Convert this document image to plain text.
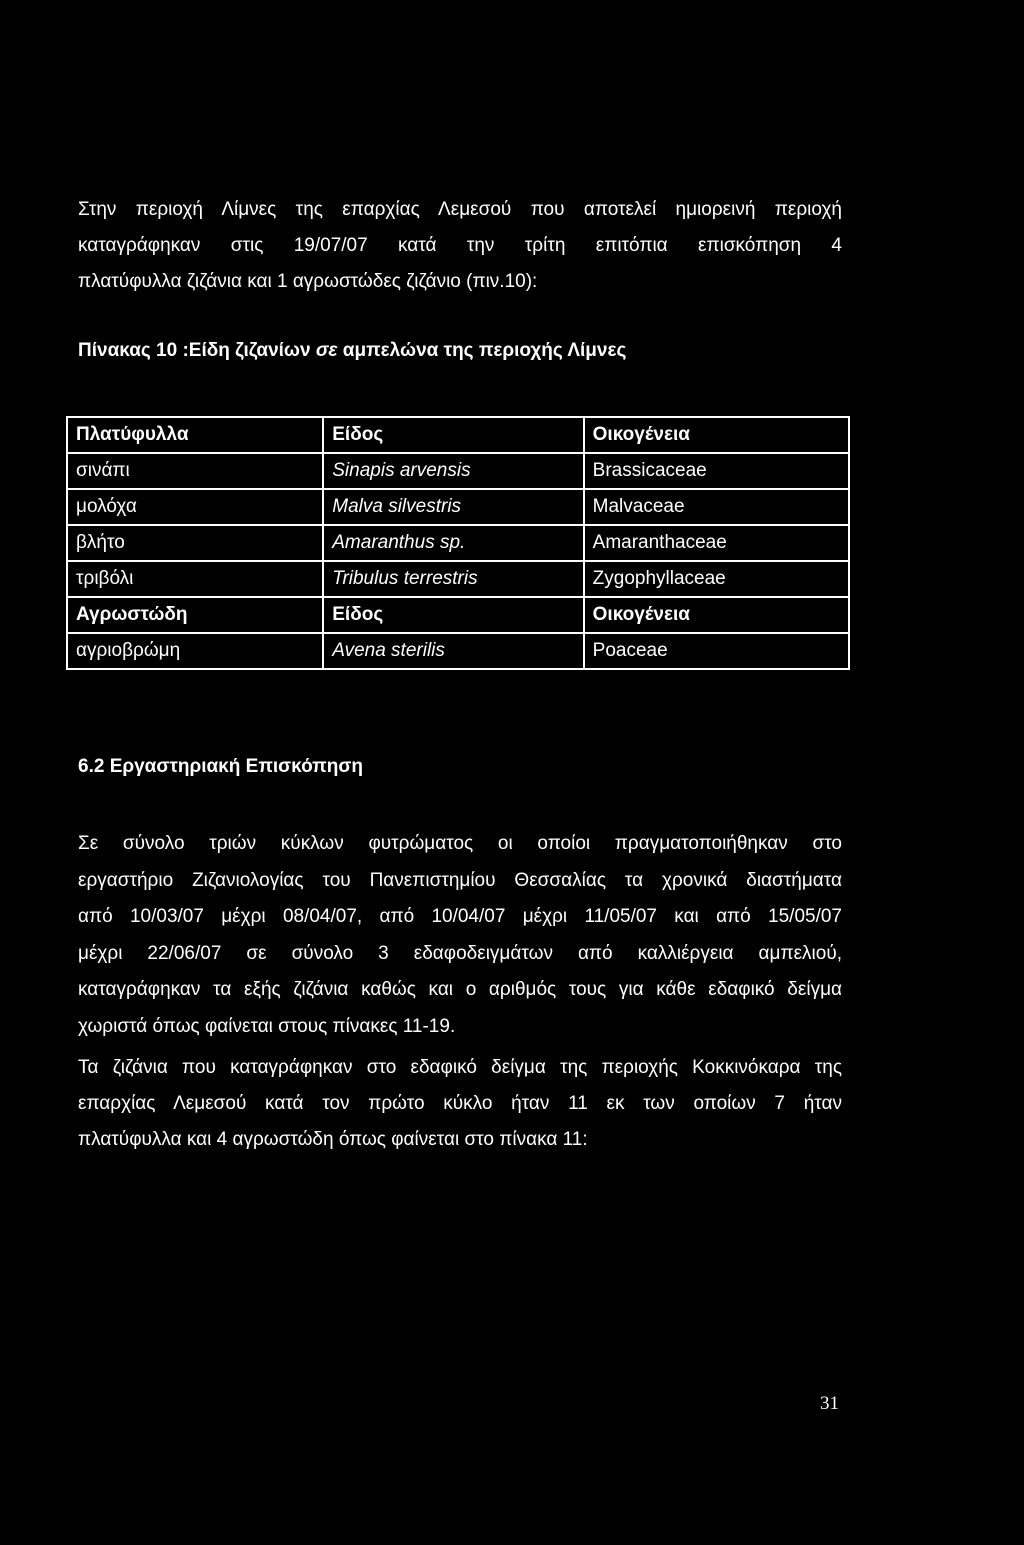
Στην περιοχή Λίμνες της επαρχίας Λεμεσού που αποτελεί ημιορεινή περιοχή
καταγράφηκαν στις 19/07/07 κατά την τρίτη επιτόπια επισκόπηση 4
πλατύφυλλα ζιζάνια και 1 αγρωστώδες ζιζάνιο (πιν.10):

Πίνακας 10 :Είδη ζιζανίων σε αμπελώνα της περιοχής Λίμνες

Πλατύφυλλα	Είδος	Οικογένεια
σινάπι	Sinapis arvensis	Brassicaceae
μολόχα	Malva silvestris	Malvaceae
βλήτο	Amaranthus sp.	Amaranthaceae
τριβόλι	Tribulus terrestris	Zygophyllaceae
Αγρωστώδη	Είδος	Οικογένεια
αγριοβρώμη	Avena sterilis	Poaceae

6.2 Εργαστηριακή Επισκόπηση

Σε σύνολο τριών κύκλων φυτρώματος οι οποίοι πραγματοποιήθηκαν στο
εργαστήριο Ζιζανιολογίας του Πανεπιστημίου Θεσσαλίας τα χρονικά διαστήματα
από 10/03/07 μέχρι 08/04/07, από 10/04/07 μέχρι 11/05/07 και από 15/05/07
μέχρι 22/06/07 σε σύνολο 3 εδαφοδειγμάτων από καλλιέργεια αμπελιού,
καταγράφηκαν τα εξής ζιζάνια καθώς και ο αριθμός τους για κάθε εδαφικό δείγμα
χωριστά όπως φαίνεται στους πίνακες 11-19.
Τα ζιζάνια που καταγράφηκαν στο εδαφικό δείγμα της περιοχής Κοκκινόκαρα της
επαρχίας Λεμεσού κατά τον πρώτο κύκλο ήταν 11 εκ των οποίων 7 ήταν
πλατύφυλλα και 4 αγρωστώδη όπως φαίνεται στο πίνακα 11:
31
